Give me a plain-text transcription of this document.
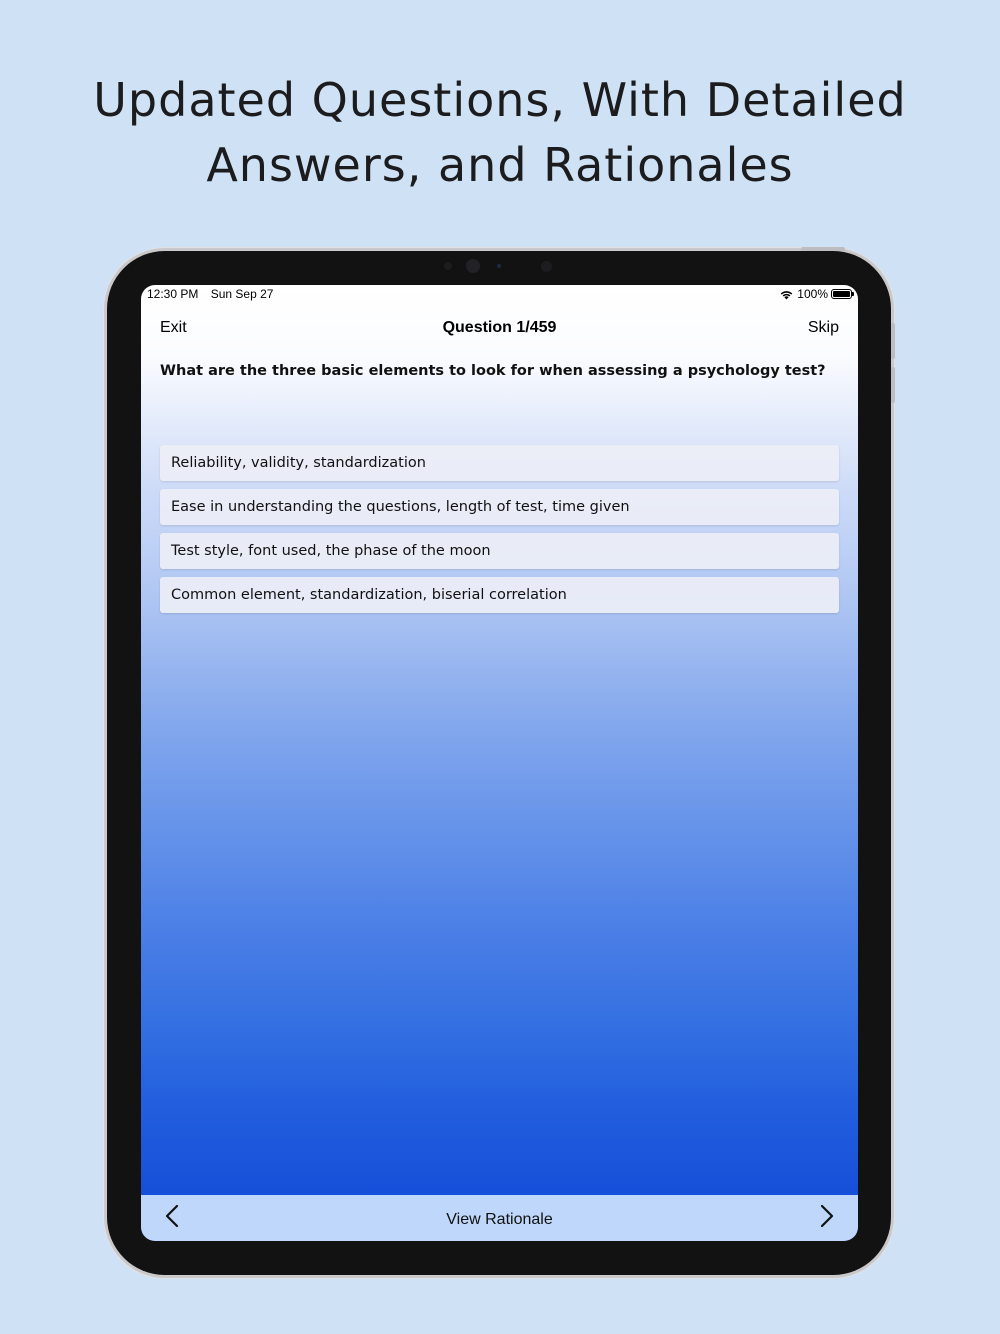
Updated Questions, With Detailed
Answers, and Rationales
12:30 PM Sun Sep 27	100%
Exit	Question 1/459	Skip
What are the three basic elements to look for when assessing a psychology test?
Reliability, validity, standardization
Ease in understanding the questions, length of test, time given
Test style, font used, the phase of the moon
Common element, standardization, biserial correlation
View Rationale
